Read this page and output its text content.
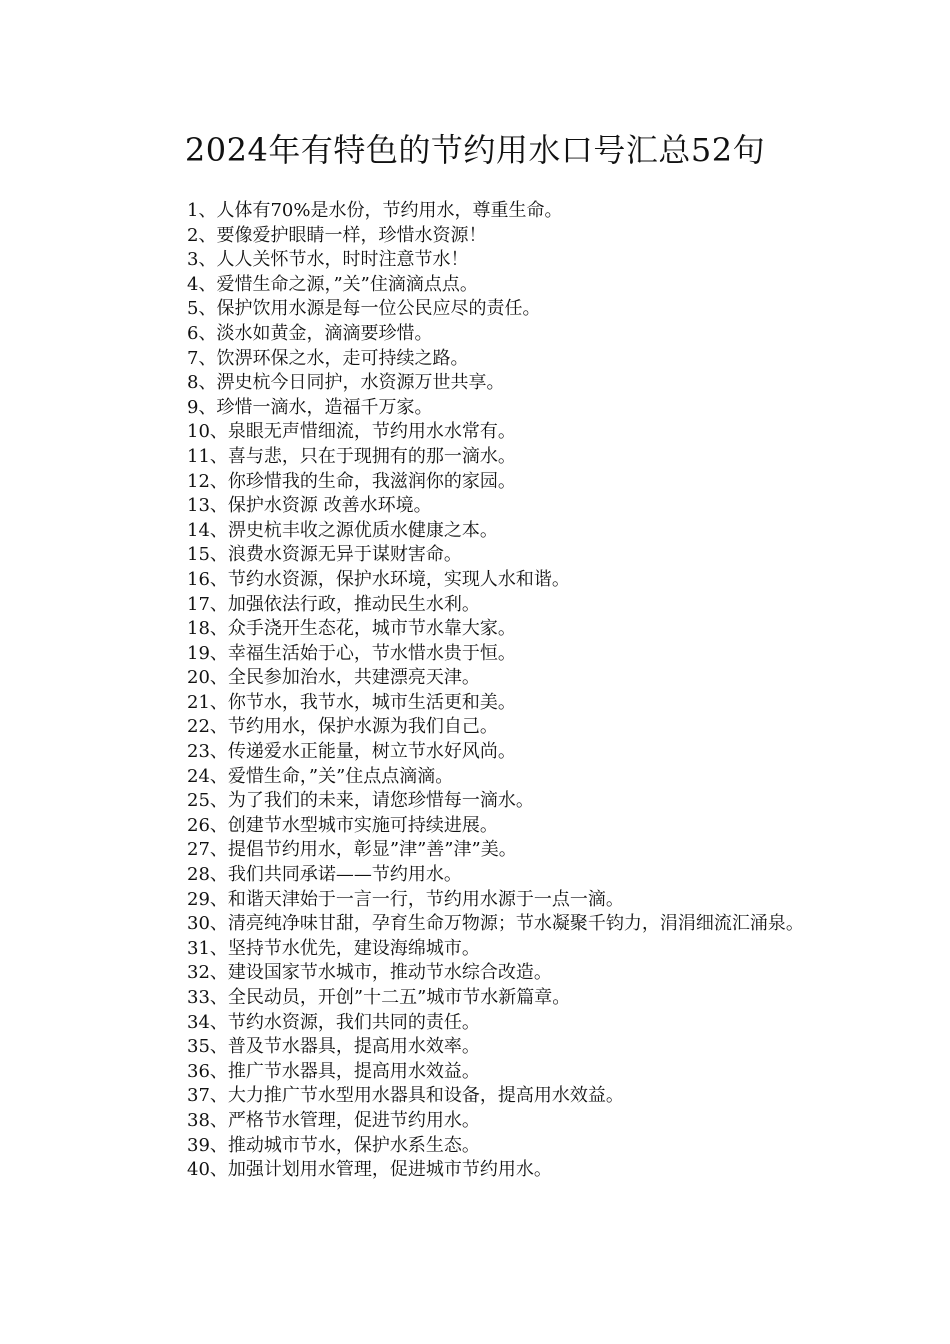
2024年有特色的节约用水口号汇总52句
1、人体有70%是水份，节约用水，尊重生命。
2、要像爱护眼睛一样，珍惜水资源！
3、人人关怀节水，时时注意节水！
4、爱惜生命之源，”关”住滴滴点点。
5、保护饮用水源是每一位公民应尽的责任。
6、淡水如黄金，滴滴要珍惜。
7、饮淠环保之水，走可持续之路。
8、淠史杭今日同护，水资源万世共享。
9、珍惜一滴水，造福千万家。
10、泉眼无声惜细流，节约用水水常有。
11、喜与悲，只在于现拥有的那一滴水。
12、你珍惜我的生命，我滋润你的家园。
13、保护水资源 改善水环境。
14、淠史杭丰收之源优质水健康之本。
15、浪费水资源无异于谋财害命。
16、节约水资源，保护水环境，实现人水和谐。
17、加强依法行政，推动民生水利。
18、众手浇开生态花，城市节水靠大家。
19、幸福生活始于心，节水惜水贵于恒。
20、全民参加治水，共建漂亮天津。
21、你节水，我节水，城市生活更和美。
22、节约用水，保护水源为我们自己。
23、传递爱水正能量，树立节水好风尚。
24、爱惜生命，”关”住点点滴滴。
25、为了我们的未来，请您珍惜每一滴水。
26、创建节水型城市实施可持续进展。
27、提倡节约用水，彰显”津”善”津”美。
28、我们共同承诺——节约用水。
29、和谐天津始于一言一行，节约用水源于一点一滴。
30、清亮纯净味甘甜，孕育生命万物源；节水凝聚千钧力，涓涓细流汇涌泉。
31、坚持节水优先，建设海绵城市。
32、建设国家节水城市，推动节水综合改造。
33、全民动员，开创”十二五”城市节水新篇章。
34、节约水资源，我们共同的责任。
35、普及节水器具，提高用水效率。
36、推广节水器具，提高用水效益。
37、大力推广节水型用水器具和设备，提高用水效益。
38、严格节水管理，促进节约用水。
39、推动城市节水，保护水系生态。
40、加强计划用水管理，促进城市节约用水。
